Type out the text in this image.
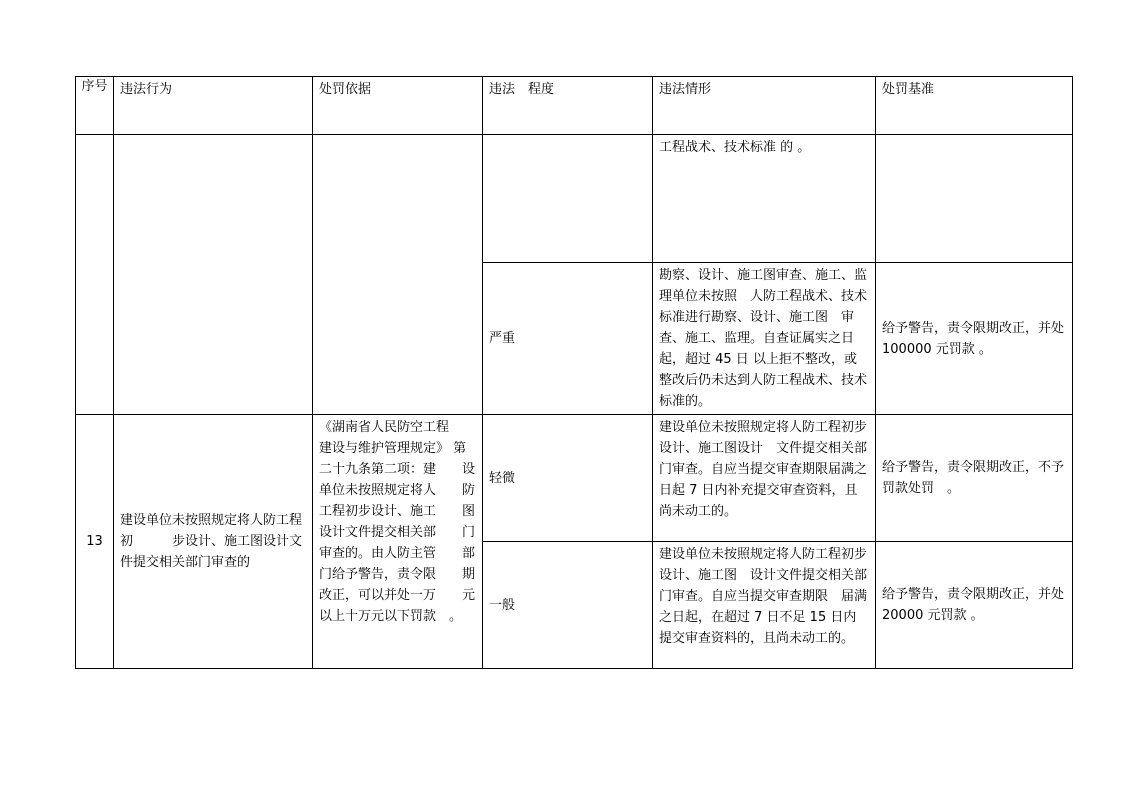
序号	违法行为	处罚依据	违法　程度	违法情形	处罚基准
				工程战术、技术标准 的 。	
			严重	勘察、设计、施工图审查、施工、监理单位未按照　人防工程战术、技术标准进行勘察、设计、施工图　审查、施工、监理。自查证属实之日起，超过 45 日 以上拒不整改，或整改后仍未达到人防工程战术、技术标准的。	给予警告，责令限期改正，并处 100000 元罚款 。
13	建设单位未按照规定将人防工程初　　　步设计、施工图设计文件提交相关部门审查的	《湖南省人民防空工程　　建设与维护管理规定》 第二十九条第二项：建　　设单位未按照规定将人　　防工程初步设计、施工　　图设计文件提交相关部　　门审查的。由人防主管　　部门给予警告，责令限　　期改正，可以并处一万　　元以上十万元以下罚款　。	轻微	建设单位未按照规定将人防工程初步设计、施工图设计　文件提交相关部门审查。自应当提交审查期限届满之日起 7 日内补充提交审查资料，且尚未动工的。	给予警告，责令限期改正，不予罚款处罚　。
			一般	建设单位未按照规定将人防工程初步设计、施工图　设计文件提交相关部门审查。自应当提交审查期限　届满之日起，在超过 7 日不足 15 日内提交审查资料的，且尚未动工的。	给予警告，责令限期改正，并处 20000 元罚款 。
